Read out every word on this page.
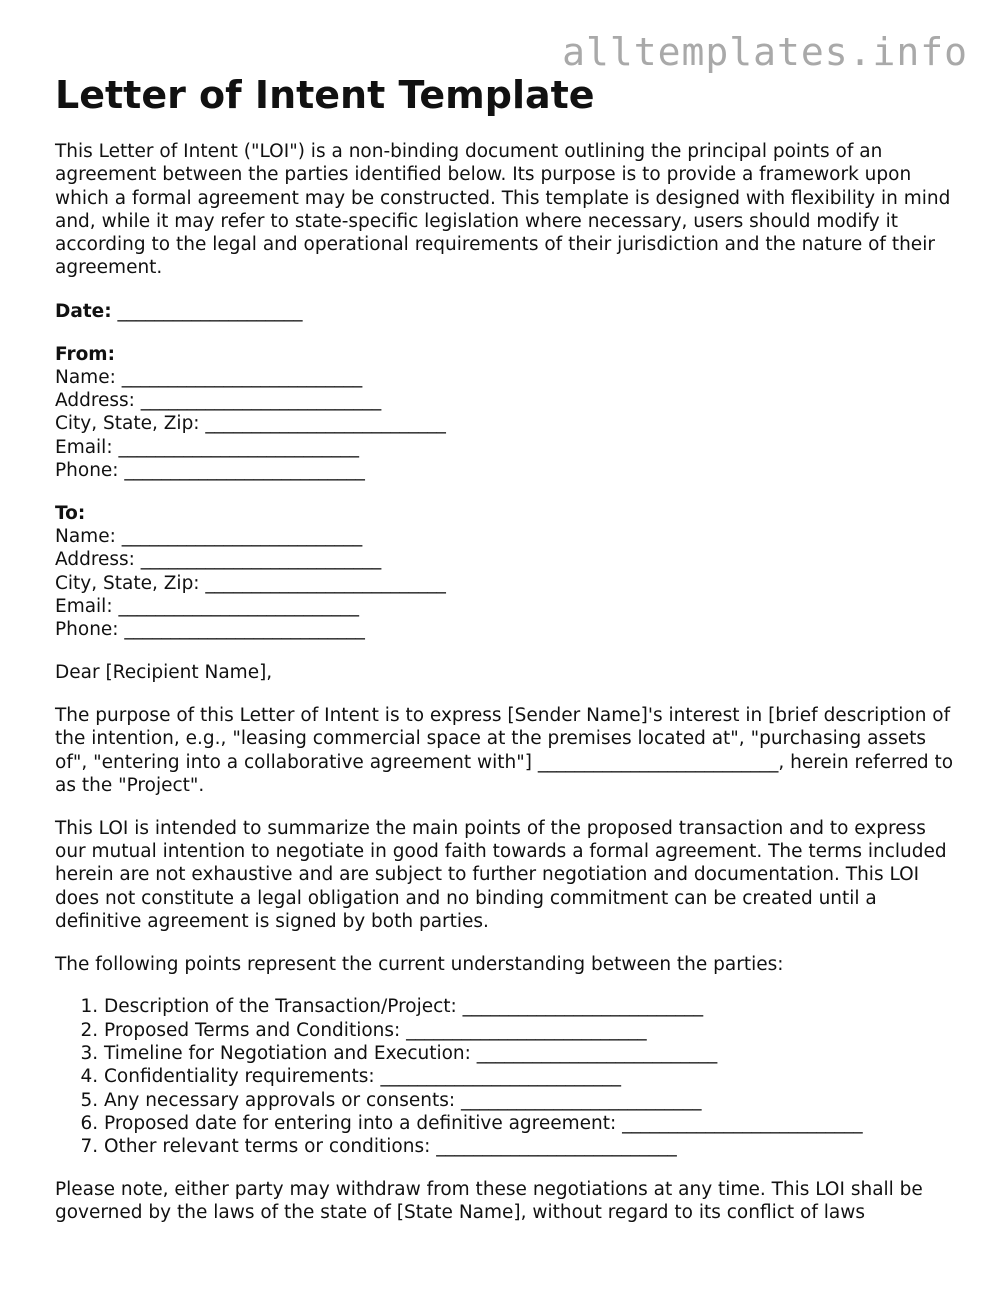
alltemplates.info
Letter of Intent Template

This Letter of Intent ("LOI") is a non-binding document outlining the principal points of an agreement between the parties identified below. Its purpose is to provide a framework upon which a formal agreement may be constructed. This template is designed with flexibility in mind and, while it may refer to state-specific legislation where necessary, users should modify it according to the legal and operational requirements of their jurisdiction and the nature of their agreement.

Date: ____________________

From:
Name: __________________________
Address: __________________________
City, State, Zip: __________________________
Email: __________________________
Phone: __________________________
To:
Name: __________________________
Address: __________________________
City, State, Zip: __________________________
Email: __________________________
Phone: __________________________

Dear [Recipient Name],

The purpose of this Letter of Intent is to express [Sender Name]'s interest in [brief description of the intention, e.g., "leasing commercial space at the premises located at", "purchasing assets of", "entering into a collaborative agreement with"] __________________________, herein referred to as the "Project".

This LOI is intended to summarize the main points of the proposed transaction and to express our mutual intention to negotiate in good faith towards a formal agreement. The terms included herein are not exhaustive and are subject to further negotiation and documentation. This LOI does not constitute a legal obligation and no binding commitment can be created until a definitive agreement is signed by both parties.

The following points represent the current understanding between the parties:

1. Description of the Transaction/Project: __________________________
2. Proposed Terms and Conditions: __________________________
3. Timeline for Negotiation and Execution: __________________________
4. Confidentiality requirements: __________________________
5. Any necessary approvals or consents: __________________________
6. Proposed date for entering into a definitive agreement: __________________________
7. Other relevant terms or conditions: __________________________

Please note, either party may withdraw from these negotiations at any time. This LOI shall be governed by the laws of the state of [State Name], without regard to its conflict of laws
